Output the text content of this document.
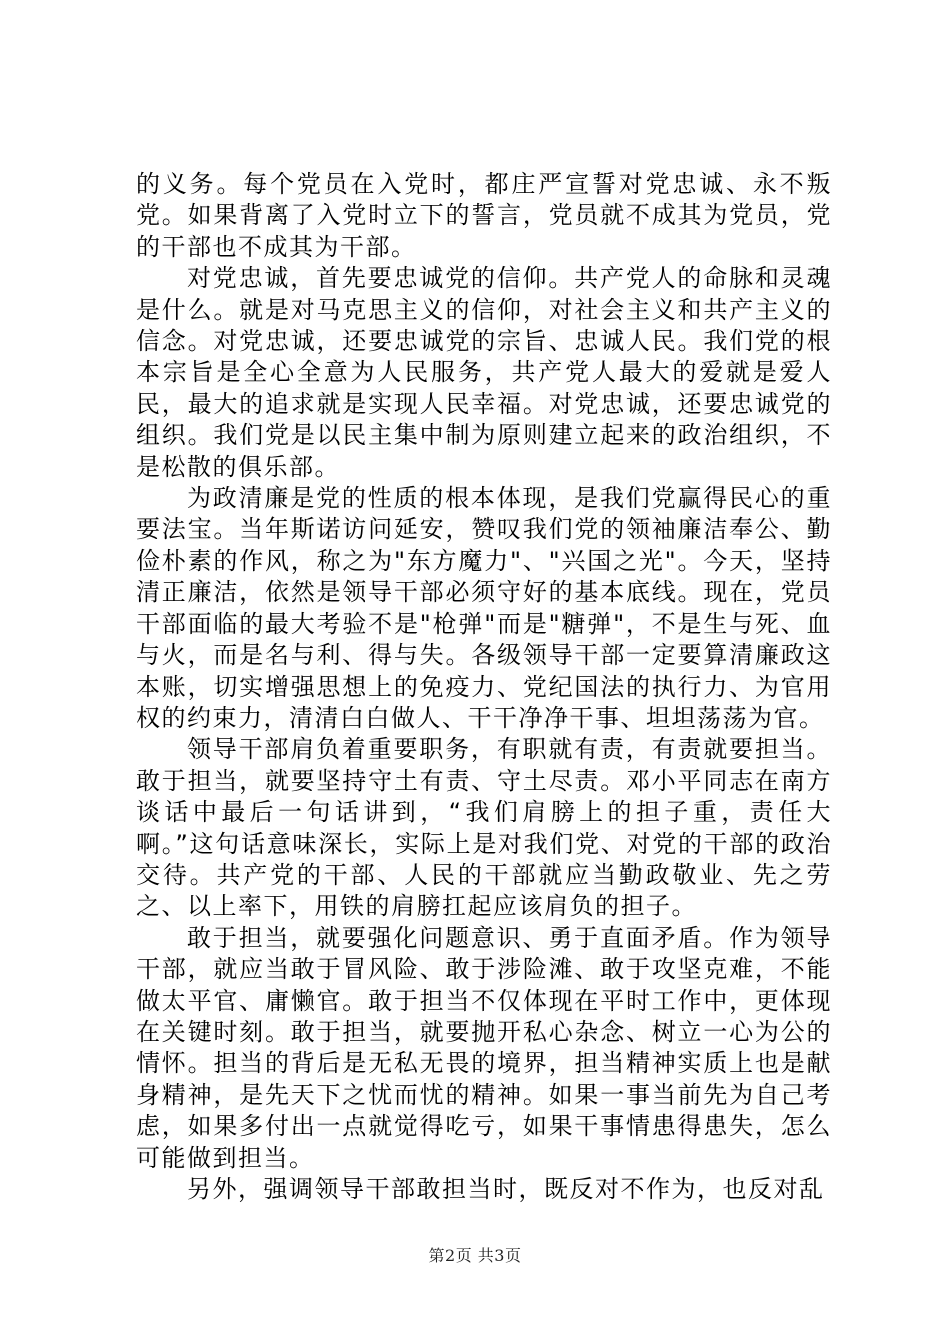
的义务。每个党员在入党时，都庄严宣誓对党忠诚、永不叛党。如果背离了入党时立下的誓言，党员就不成其为党员，党的干部也不成其为干部。

对党忠诚，首先要忠诚党的信仰。共产党人的命脉和灵魂是什么。就是对马克思主义的信仰，对社会主义和共产主义的信念。对党忠诚，还要忠诚党的宗旨、忠诚人民。我们党的根本宗旨是全心全意为人民服务，共产党人最大的爱就是爱人民，最大的追求就是实现人民幸福。对党忠诚，还要忠诚党的组织。我们党是以民主集中制为原则建立起来的政治组织，不是松散的俱乐部。

为政清廉是党的性质的根本体现，是我们党赢得民心的重要法宝。当年斯诺访问延安，赞叹我们党的领袖廉洁奉公、勤俭朴素的作风，称之为"东方魔力"、"兴国之光"。今天，坚持清正廉洁，依然是领导干部必须守好的基本底线。现在，党员干部面临的最大考验不是"枪弹"而是"糖弹"，不是生与死、血与火，而是名与利、得与失。各级领导干部一定要算清廉政这本账，切实增强思想上的免疫力、党纪国法的执行力、为官用权的约束力，清清白白做人、干干净净干事、坦坦荡荡为官。

领导干部肩负着重要职务，有职就有责，有责就要担当。敢于担当，就要坚持守土有责、守土尽责。邓小平同志在南方谈话中最后一句话讲到，“我们肩膀上的担子重，责任大啊。”这句话意味深长，实际上是对我们党、对党的干部的政治交待。共产党的干部、人民的干部就应当勤政敬业、先之劳之、以上率下，用铁的肩膀扛起应该肩负的担子。

敢于担当，就要强化问题意识、勇于直面矛盾。作为领导干部，就应当敢于冒风险、敢于涉险滩、敢于攻坚克难，不能做太平官、庸懒官。敢于担当不仅体现在平时工作中，更体现在关键时刻。敢于担当，就要抛开私心杂念、树立一心为公的情怀。担当的背后是无私无畏的境界，担当精神实质上也是献身精神，是先天下之忧而忧的精神。如果一事当前先为自己考虑，如果多付出一点就觉得吃亏，如果干事情患得患失，怎么可能做到担当。

另外，强调领导干部敢担当时，既反对不作为，也反对乱

第2页 共3页
